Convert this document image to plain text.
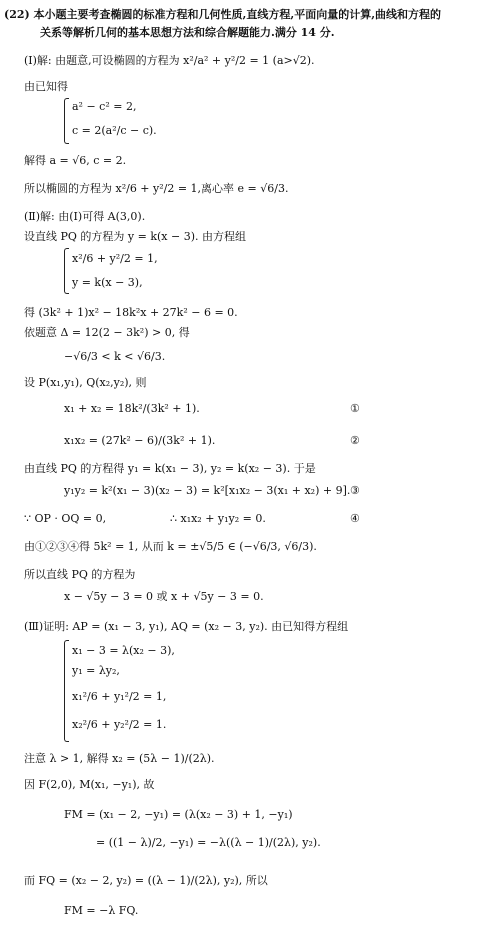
(22) 本小题主要考查椭圆的标准方程和几何性质,直线方程,平面向量的计算,曲线和方程的
关系等解析几何的基本思想方法和综合解题能力.满分 14 分.
(Ⅰ)解: 由题意,可设椭圆的方程为 x²/a² + y²/2 = 1 (a>√2).
由已知得
a² − c² = 2,
c = 2(a²/c − c).
解得 a = √6, c = 2.
所以椭圆的方程为 x²/6 + y²/2 = 1,离心率 e = √6/3.
(Ⅱ)解: 由(Ⅰ)可得 A(3,0).
设直线 PQ 的方程为 y = k(x − 3). 由方程组
x²/6 + y²/2 = 1,
y = k(x − 3),
得 (3k² + 1)x² − 18k²x + 27k² − 6 = 0.
依题意 Δ = 12(2 − 3k²) > 0, 得
−√6/3 < k < √6/3.
设 P(x₁,y₁), Q(x₂,y₂), 则
x₁ + x₂ = 18k²/(3k² + 1).	①
x₁x₂ = (27k² − 6)/(3k² + 1).	②
由直线 PQ 的方程得 y₁ = k(x₁ − 3), y₂ = k(x₂ − 3). 于是
y₁y₂ = k²(x₁ − 3)(x₂ − 3) = k²[x₁x₂ − 3(x₁ + x₂) + 9]. ③
∵ OP · OQ = 0,	∴ x₁x₂ + y₁y₂ = 0.	④
由①②③④得 5k² = 1, 从而 k = ±√5/5 ∈ (−√6/3, √6/3).
所以直线 PQ 的方程为
x − √5y − 3 = 0 或 x + √5y − 3 = 0.
(Ⅲ)证明: AP = (x₁ − 3, y₁), AQ = (x₂ − 3, y₂). 由已知得方程组
x₁ − 3 = λ(x₂ − 3),
y₁ = λy₂,
x₁²/6 + y₁²/2 = 1,
x₂²/6 + y₂²/2 = 1.
注意 λ > 1, 解得 x₂ = (5λ − 1)/(2λ).
因 F(2,0), M(x₁, −y₁), 故
FM = (x₁ − 2, −y₁) = (λ(x₂ − 3) + 1, −y₁)
= ((1 − λ)/2, −y₁) = −λ((λ − 1)/(2λ), y₂).
而 FQ = (x₂ − 2, y₂) = ((λ − 1)/(2λ), y₂), 所以
FM = −λ FQ.
